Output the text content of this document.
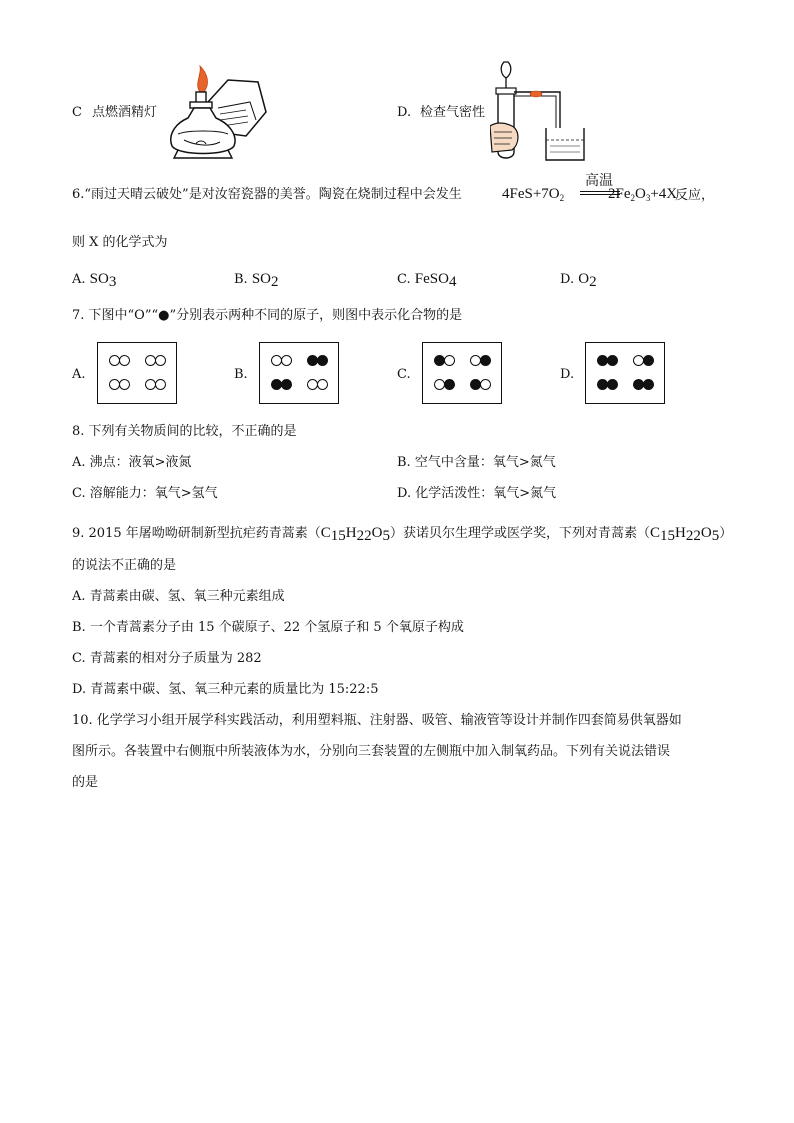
C 点燃酒精灯	D. 检查气密性
6.“雨过天晴云破处”是对汝窑瓷器的美誉。陶瓷在烧制过程中会发生	$4FeS+7O_2$
高温
$2Fe_2O_3+4X$
反应，
则 X 的化学式为
A. $SO_3$	B. $SO_2$	C. FeSO$_4$	D. $O_2$
7. 下图中“O”“●”分别表示两种不同的原子，则图中表示化合物的是
A.	B.	C.	D.
8. 下列有关物质间的比较，不正确的是
A. 沸点：液氧>液氮	B. 空气中含量：氧气>氮气
C. 溶解能力：氧气>氢气	D. 化学活泼性：氧气>氮气
9. 2015 年屠呦呦研制新型抗疟药青蒿素$(C_{15}H_{22}O_5)$获诺贝尔生理学或医学奖，下列对青蒿素$(C_{15}H_{22}O_5)$
的说法不正确的是
A. 青蒿素由碳、氢、氧三种元素组成
B. 一个青蒿素分子由 15 个碳原子、22 个氢原子和 5 个氧原子构成
C. 青蒿素的相对分子质量为 282
D. 青蒿素中碳、氢、氧三种元素的质量比为 15:22:5
10. 化学学习小组开展学科实践活动，利用塑料瓶、注射器、吸管、输液管等设计并制作四套简易供氧器如
图所示。各装置中右侧瓶中所装液体为水，分别向三套装置的左侧瓶中加入制氧药品。下列有关说法错误
的是
